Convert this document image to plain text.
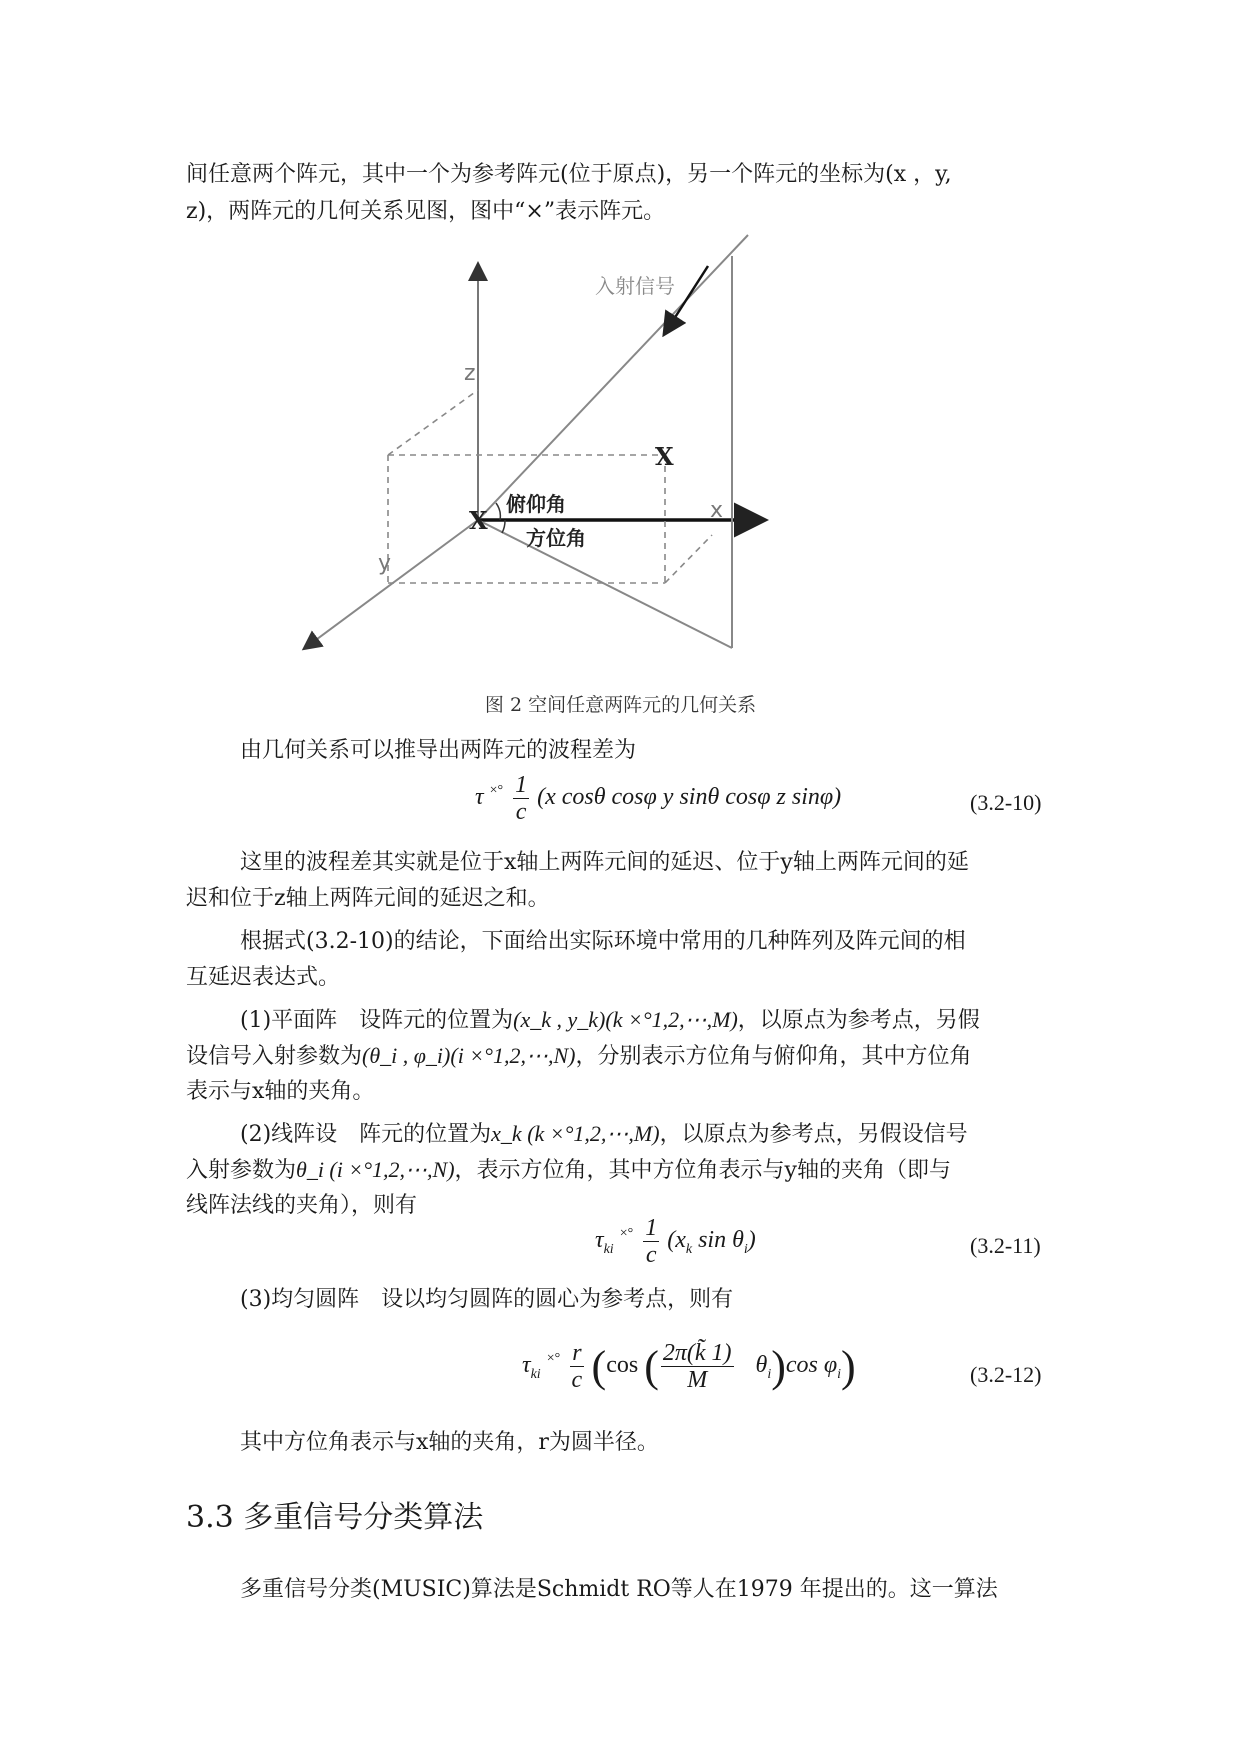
间任意两个阵元，其中一个为参考阵元(位于原点)，另一个阵元的坐标为(x ，y,
z)，两阵元的几何关系见图，图中“×”表示阵元。
入射信号
z
x
y
俯仰角
方位角
X
X
图 2 空间任意两阵元的几何关系
由几何关系可以推导出两阵元的波程差为
τ $^{\times^\circ} \frac{1}{c} (x$ cosθ cosφ y sinθ cosφ z sinφ)	(3.2-10)
这里的波程差其实就是位于x轴上两阵元间的延迟、位于y轴上两阵元间的延
迟和位于z轴上两阵元间的延迟之和。
根据式(3.2-10)的结论，下面给出实际环境中常用的几种阵列及阵元间的相
互延迟表达式。
(1)平面阵　设阵元的位置为(x_k , y_k)(k ×°1,2,⋯,M)，以原点为参考点，另假
设信号入射参数为(θ_i , φ_i)(i ×°1,2,⋯,N)，分别表示方位角与俯仰角，其中方位角
表示与x轴的夹角。
(2)线阵设　阵元的位置为x_k (k ×°1,2,⋯,M)，以原点为参考点，另假设信号
入射参数为θ_i (i ×°1,2,⋯,N)，表示方位角，其中方位角表示与y轴的夹角（即与
线阵法线的夹角），则有
$\tau_{ki}$ $^{\times^\circ} \frac{1}{c} (x_k$ $\sin \theta_i$)	(3.2-11)
(3)均匀圆阵　设以均匀圆阵的圆心为参考点，则有
$\tau_{ki}$ $^{\times^\circ} \frac{r}{c} (\cos$ ( $\frac{2\pi(k̃ 1)}{M} \theta_i)\cos$ $\varphi_i$)	(3.2-12)
其中方位角表示与x轴的夹角，r为圆半径。
3.3 多重信号分类算法
多重信号分类(MUSIC)算法是Schmidt RO等人在1979 年提出的。这一算法
